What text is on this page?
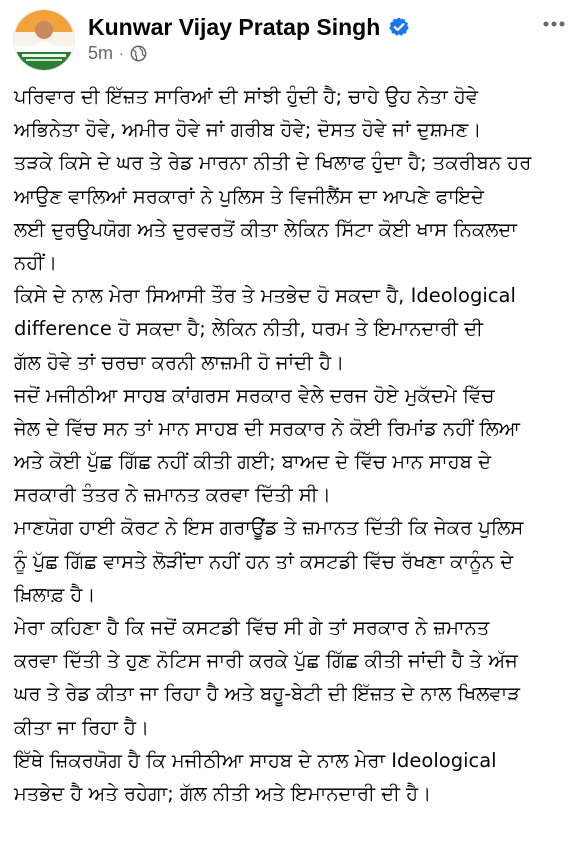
Kunwar Vijay Pratap Singh
5m ·
ਪਰਿਵਾਰ ਦੀ ਇੱਜ਼ਤ ਸਾਰਿਆਂ ਦੀ ਸਾਂਝੀ ਹੁੰਦੀ ਹੈ; ਚਾਹੇ ਉਹ ਨੇਤਾ ਹੋਵੇ
ਅਭਿਨੇਤਾ ਹੋਵੇ, ਅਮੀਰ ਹੋਵੇ ਜਾਂ ਗਰੀਬ ਹੋਵੇ; ਦੋਸਤ ਹੋਵੇ ਜਾਂ ਦੁਸ਼ਮਣ।
ਤੜਕੇ ਕਿਸੇ ਦੇ ਘਰ ਤੇ ਰੇਡ ਮਾਰਨਾ ਨੀਤੀ ਦੇ ਖਿਲਾਫ ਹੁੰਦਾ ਹੈ; ਤਕਰੀਬਨ ਹਰ
ਆਉਣ ਵਾਲਿਆਂ ਸਰਕਾਰਾਂ ਨੇ ਪੁਲਿਸ ਤੇ ਵਿਜੀਲੈਂਸ ਦਾ ਆਪਣੇ ਫਾਇਦੇ
ਲਈ ਦੁਰਉਪਯੋਗ ਅਤੇ ਦੁਰਵਰਤੋਂ ਕੀਤਾ ਲੇਕਿਨ ਸਿੱਟਾ ਕੋਈ ਖਾਸ ਨਿਕਲਦਾ
ਨਹੀਂ।
ਕਿਸੇ ਦੇ ਨਾਲ ਮੇਰਾ ਸਿਆਸੀ ਤੌਰ ਤੇ ਮਤਭੇਦ ਹੋ ਸਕਦਾ ਹੈ, Ideological
difference ਹੋ ਸਕਦਾ ਹੈ; ਲੇਕਿਨ ਨੀਤੀ, ਧਰਮ ਤੇ ਇਮਾਨਦਾਰੀ ਦੀ
ਗੱਲ ਹੋਵੇ ਤਾਂ ਚਰਚਾ ਕਰਨੀ ਲਾਜ਼ਮੀ ਹੋ ਜਾਂਦੀ ਹੈ।
ਜਦੋਂ ਮਜੀਠੀਆ ਸਾਹਬ ਕਾਂਗਰਸ ਸਰਕਾਰ ਵੇਲੇ ਦਰਜ ਹੋਏ ਮੁਕੱਦਮੇ ਵਿੱਚ
ਜੇਲ ਦੇ ਵਿੱਚ ਸਨ ਤਾਂ ਮਾਨ ਸਾਹਬ ਦੀ ਸਰਕਾਰ ਨੇ ਕੋਈ ਰਿਮਾਂਡ ਨਹੀਂ ਲਿਆ
ਅਤੇ ਕੋਈ ਪੁੱਛ ਗਿੱਛ ਨਹੀਂ ਕੀਤੀ ਗਈ; ਬਾਅਦ ਦੇ ਵਿੱਚ ਮਾਨ ਸਾਹਬ ਦੇ
ਸਰਕਾਰੀ ਤੰਤਰ ਨੇ ਜ਼ਮਾਨਤ ਕਰਵਾ ਦਿੱਤੀ ਸੀ।
ਮਾਣਯੋਗ ਹਾਈ ਕੋਰਟ ਨੇ ਇਸ ਗਰਾਊਂਡ ਤੇ ਜ਼ਮਾਨਤ ਦਿੱਤੀ ਕਿ ਜੇਕਰ ਪੁਲਿਸ
ਨੂੰ ਪੁੱਛ ਗਿੱਛ ਵਾਸਤੇ ਲੋੜੀਂਦਾ ਨਹੀਂ ਹਨ ਤਾਂ ਕਸਟਡੀ ਵਿੱਚ ਰੱਖਣਾ ਕਾਨੂੰਨ ਦੇ
ਖ਼ਿਲਾਫ਼ ਹੈ।
ਮੇਰਾ ਕਹਿਣਾ ਹੈ ਕਿ ਜਦੋਂ ਕਸਟਡੀ ਵਿੱਚ ਸੀ ਗੇ ਤਾਂ ਸਰਕਾਰ ਨੇ ਜ਼ਮਾਨਤ
ਕਰਵਾ ਦਿੱਤੀ ਤੇ ਹੁਣ ਨੋਟਿਸ ਜਾਰੀ ਕਰਕੇ ਪੁੱਛ ਗਿੱਛ ਕੀਤੀ ਜਾਂਦੀ ਹੈ ਤੇ ਅੱਜ
ਘਰ ਤੇ ਰੇਡ ਕੀਤਾ ਜਾ ਰਿਹਾ ਹੈ ਅਤੇ ਬਹੂ-ਬੇਟੀ ਦੀ ਇੱਜ਼ਤ ਦੇ ਨਾਲ ਖਿਲਵਾੜ
ਕੀਤਾ ਜਾ ਰਿਹਾ ਹੈ।
ਇੱਥੇ ਜ਼ਿਕਰਯੋਗ ਹੈ ਕਿ ਮਜੀਠੀਆ ਸਾਹਬ ਦੇ ਨਾਲ ਮੇਰਾ Ideological
ਮਤਭੇਦ ਹੈ ਅਤੇ ਰਹੇਗਾ; ਗੱਲ ਨੀਤੀ ਅਤੇ ਇਮਾਨਦਾਰੀ ਦੀ ਹੈ।
